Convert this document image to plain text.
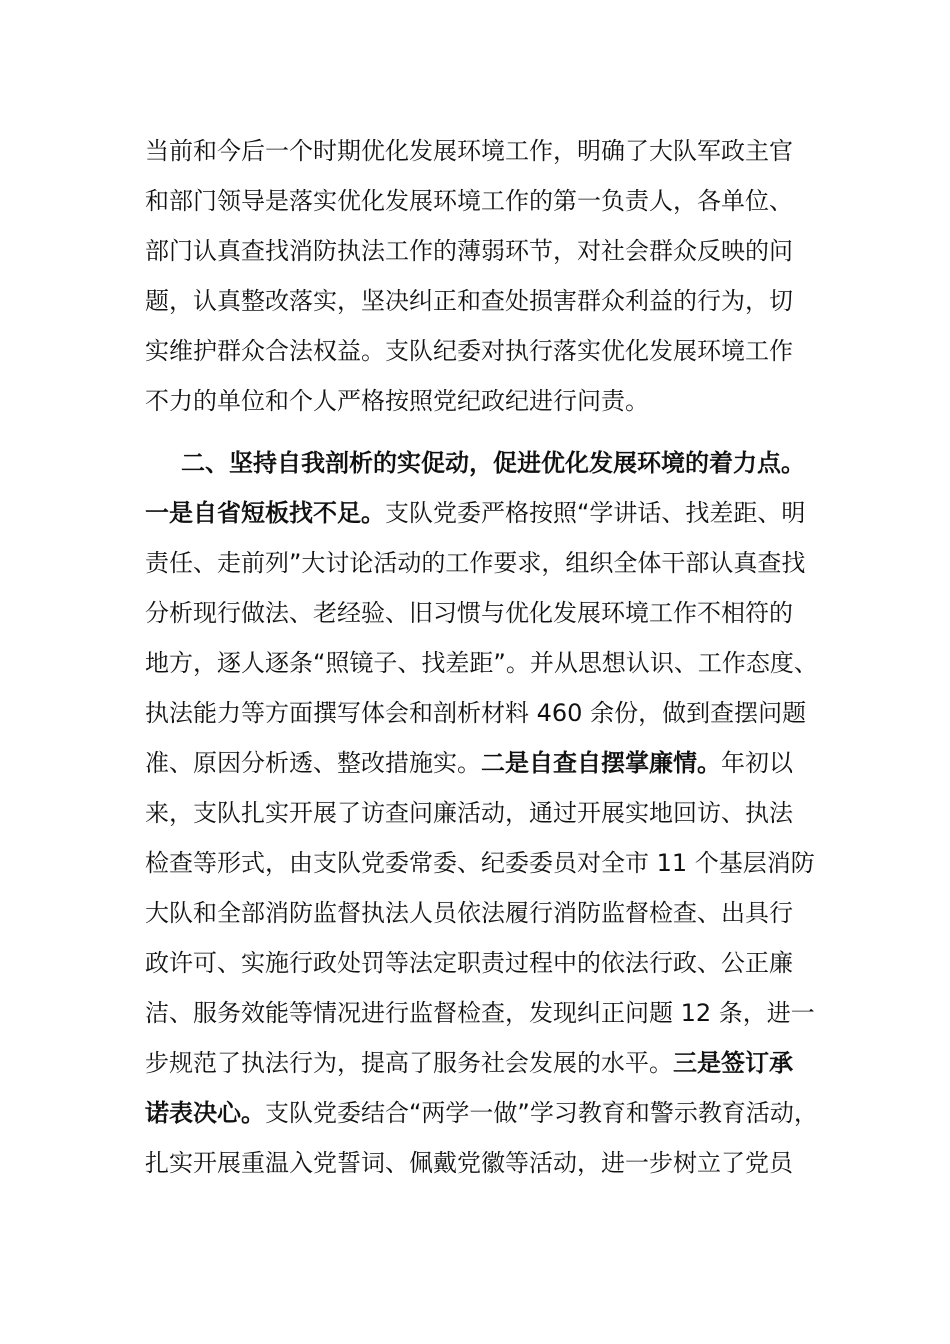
当前和今后一个时期优化发展环境工作，明确了大队军政主官
和部门领导是落实优化发展环境工作的第一负责人，各单位、
部门认真查找消防执法工作的薄弱环节，对社会群众反映的问
题，认真整改落实，坚决纠正和查处损害群众利益的行为，切
实维护群众合法权益。支队纪委对执行落实优化发展环境工作
不力的单位和个人严格按照党纪政纪进行问责。
二、坚持自我剖析的实促动，促进优化发展环境的着力点。
一是自省短板找不足。支队党委严格按照“学讲话、找差距、明
责任、走前列”大讨论活动的工作要求，组织全体干部认真查找
分析现行做法、老经验、旧习惯与优化发展环境工作不相符的
地方，逐人逐条“照镜子、找差距”。并从思想认识、工作态度、
执法能力等方面撰写体会和剖析材料 460 余份，做到查摆问题
准、原因分析透、整改措施实。二是自查自摆掌廉情。年初以
来，支队扎实开展了访查问廉活动，通过开展实地回访、执法
检查等形式，由支队党委常委、纪委委员对全市 11 个基层消防
大队和全部消防监督执法人员依法履行消防监督检查、出具行
政许可、实施行政处罚等法定职责过程中的依法行政、公正廉
洁、服务效能等情况进行监督检查，发现纠正问题 12 条，进一
步规范了执法行为，提高了服务社会发展的水平。三是签订承
诺表决心。支队党委结合“两学一做”学习教育和警示教育活动，
扎实开展重温入党誓词、佩戴党徽等活动，进一步树立了党员
